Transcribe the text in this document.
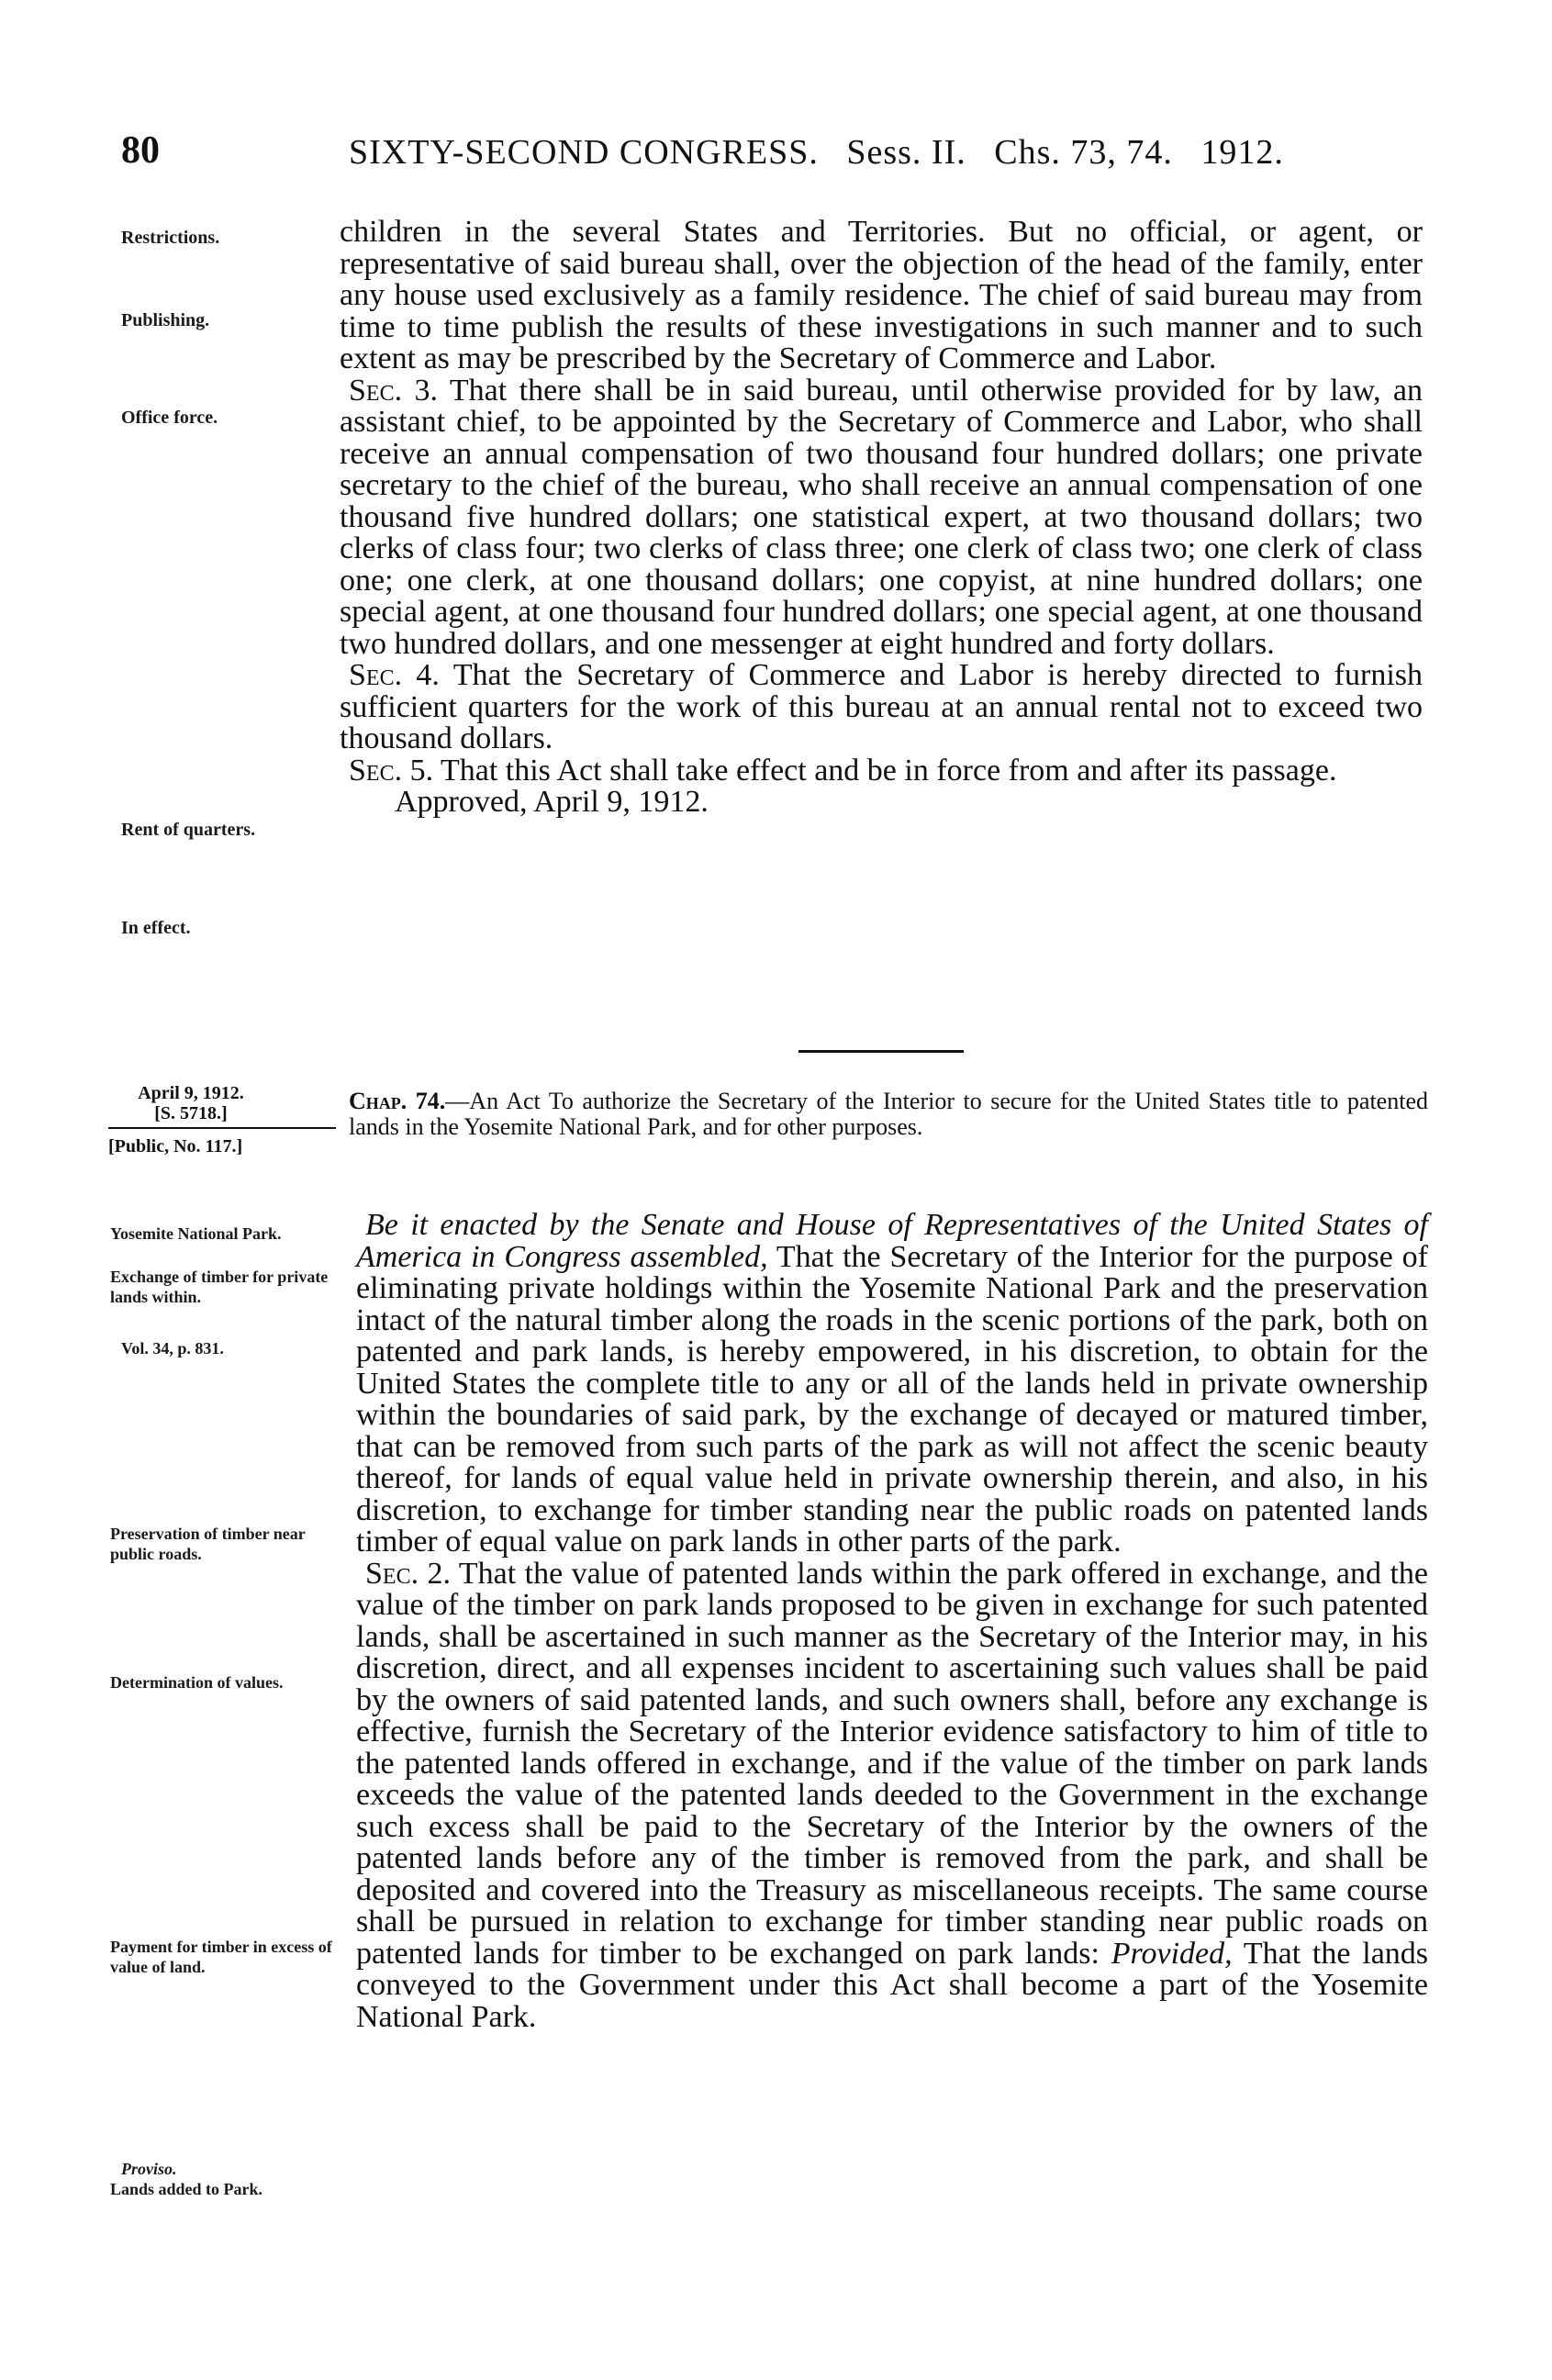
80	SIXTY-SECOND CONGRESS. Sess. II. Chs. 73, 74. 1912.
Restrictions.
Publishing.
Office force.
Rent of quarters.
In effect.

children in the several States and Territories. But no official, or agent, or representative of said bureau shall, over the objection of the head of the family, enter any house used exclusively as a family residence. The chief of said bureau may from time to time publish the results of these investigations in such manner and to such extent as may be prescribed by the Secretary of Commerce and Labor.

Sec. 3. That there shall be in said bureau, until otherwise provided for by law, an assistant chief, to be appointed by the Secretary of Commerce and Labor, who shall receive an annual compensation of two thousand four hundred dollars; one private secretary to the chief of the bureau, who shall receive an annual compensation of one thousand five hundred dollars; one statistical expert, at two thousand dollars; two clerks of class four; two clerks of class three; one clerk of class two; one clerk of class one; one clerk, at one thousand dollars; one copyist, at nine hundred dollars; one special agent, at one thousand four hundred dollars; one special agent, at one thousand two hundred dollars, and one messenger at eight hundred and forty dollars.

Sec. 4. That the Secretary of Commerce and Labor is hereby directed to furnish sufficient quarters for the work of this bureau at an annual rental not to exceed two thousand dollars.

Sec. 5. That this Act shall take effect and be in force from and after its passage.

Approved, April 9, 1912.

April 9, 1912.
[S. 5718.]
[Public, No. 117.]
Chap. 74.—An Act To authorize the Secretary of the Interior to secure for the United States title to patented lands in the Yosemite National Park, and for other purposes.
Yosemite National Park.
Exchange of timber for private lands within.
Vol. 34, p. 831.
Preservation of timber near public roads.
Determination of values.
Payment for timber in excess of value of land.
Proviso.
Lands added to Park.

Be it enacted by the Senate and House of Representatives of the United States of America in Congress assembled, That the Secretary of the Interior for the purpose of eliminating private holdings within the Yosemite National Park and the preservation intact of the natural timber along the roads in the scenic portions of the park, both on patented and park lands, is hereby empowered, in his discretion, to obtain for the United States the complete title to any or all of the lands held in private ownership within the boundaries of said park, by the exchange of decayed or matured timber, that can be removed from such parts of the park as will not affect the scenic beauty thereof, for lands of equal value held in private ownership therein, and also, in his discretion, to exchange for timber standing near the public roads on patented lands timber of equal value on park lands in other parts of the park.

Sec. 2. That the value of patented lands within the park offered in exchange, and the value of the timber on park lands proposed to be given in exchange for such patented lands, shall be ascertained in such manner as the Secretary of the Interior may, in his discretion, direct, and all expenses incident to ascertaining such values shall be paid by the owners of said patented lands, and such owners shall, before any exchange is effective, furnish the Secretary of the Interior evidence satisfactory to him of title to the patented lands offered in exchange, and if the value of the timber on park lands exceeds the value of the patented lands deeded to the Government in the exchange such excess shall be paid to the Secretary of the Interior by the owners of the patented lands before any of the timber is removed from the park, and shall be deposited and covered into the Treasury as miscellaneous receipts. The same course shall be pursued in relation to exchange for timber standing near public roads on patented lands for timber to be exchanged on park lands: Provided, That the lands conveyed to the Government under this Act shall become a part of the Yosemite National Park.
